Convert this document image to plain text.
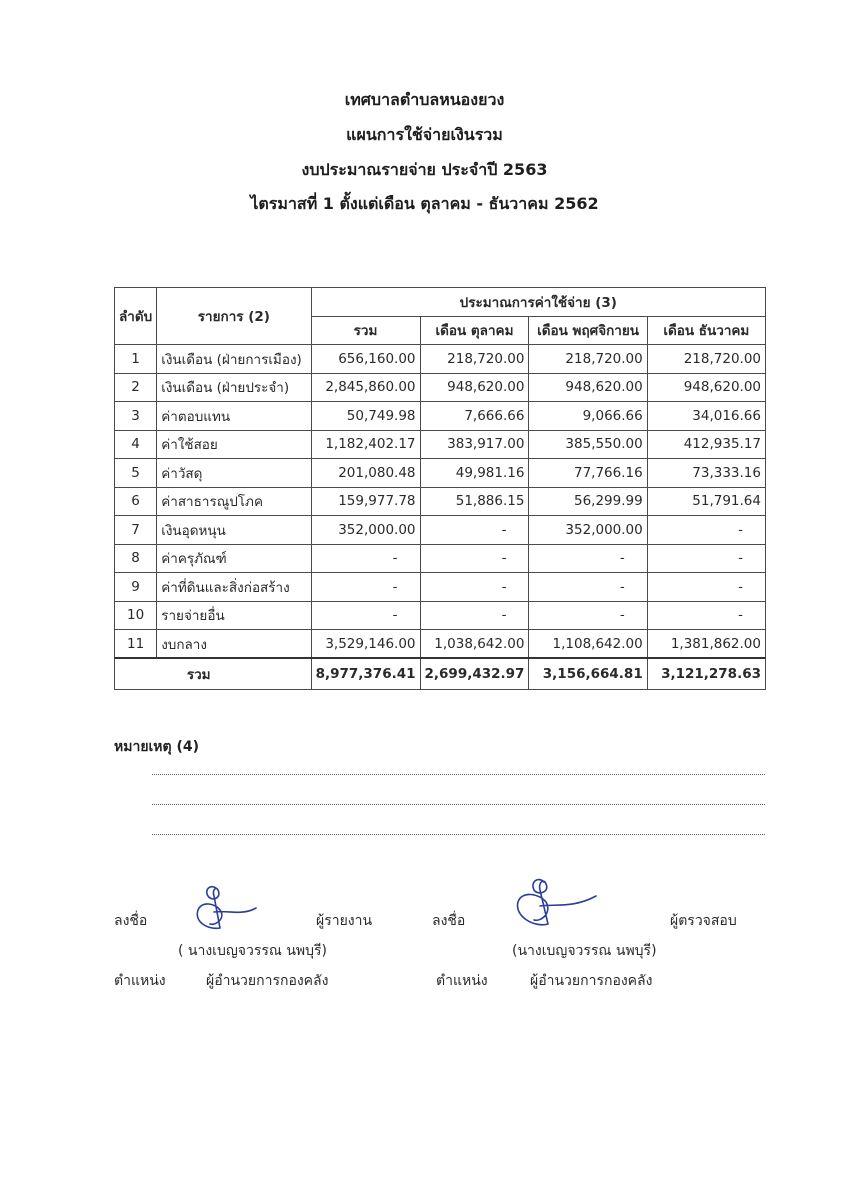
เทศบาลตำบลหนองยวง
แผนการใช้จ่ายเงินรวม
งบประมาณรายจ่าย ประจำปี 2563
ไตรมาสที่ 1 ตั้งแต่เดือน ตุลาคม - ธันวาคม 2562
ลำดับ	รายการ (2)	ประมาณการค่าใช้จ่าย (3)			
		รวม	เดือน ตุลาคม	เดือน พฤศจิกายน	เดือน ธันวาคม
1	เงินเดือน (ฝ่ายการเมือง)	656,160.00	218,720.00	218,720.00	218,720.00
2	เงินเดือน (ฝ่ายประจำ)	2,845,860.00	948,620.00	948,620.00	948,620.00
3	ค่าตอบแทน	50,749.98	7,666.66	9,066.66	34,016.66
4	ค่าใช้สอย	1,182,402.17	383,917.00	385,550.00	412,935.17
5	ค่าวัสดุ	201,080.48	49,981.16	77,766.16	73,333.16
6	ค่าสาธารณูปโภค	159,977.78	51,886.15	56,299.99	51,791.64
7	เงินอุดหนุน	352,000.00	-	352,000.00	-
8	ค่าครุภัณฑ์	-	-	-	-
9	ค่าที่ดินและสิ่งก่อสร้าง	-	-	-	-
10	รายจ่ายอื่น	-	-	-	-
11	งบกลาง	3,529,146.00	1,038,642.00	1,108,642.00	1,381,862.00
รวม		8,977,376.41	2,699,432.97	3,156,664.81	3,121,278.63
หมายเหตุ (4)
ลงชื่อ	ผู้รายงาน
( นางเบญจวรรณ นพบุรี)
ตำแหน่ง	ผู้อำนวยการกองคลัง
ลงชื่อ	ผู้ตรวจสอบ
(นางเบญจวรรณ นพบุรี)
ตำแหน่ง	ผู้อำนวยการกองคลัง
